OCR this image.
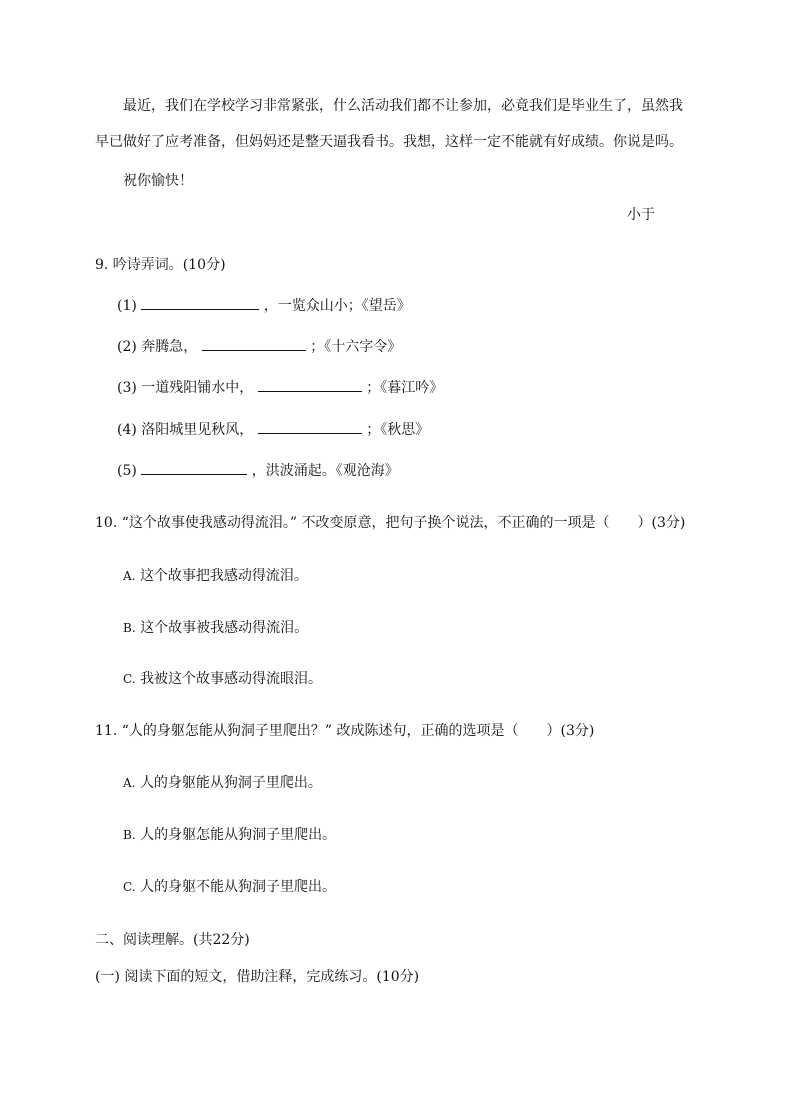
最近，我们在学校学习非常紧张，什么活动我们都不让参加，必竟我们是毕业生了，虽然我早已做好了应考准备，但妈妈还是整天逼我看书。我想，这样一定不能就有好成绩。你说是吗。
祝你愉快！
小于
9. 吟诗弄词。(10分)
(1)	，一览众山小；《望岳》
(2) 奔腾急，	；《十六字令》
(3) 一道残阳铺水中，	；《暮江吟》
(4) 洛阳城里见秋风，	；《秋思》
(5)	，洪波涌起。《观沧海》
10. “这个故事使我感动得流泪。” 不改变原意，把句子换个说法，不正确的一项是（　　）(3分)
A. 这个故事把我感动得流泪。
B. 这个故事被我感动得流泪。
C. 我被这个故事感动得流眼泪。
11. “人的身躯怎能从狗洞子里爬出？” 改成陈述句，正确的选项是（　　）(3分)
A. 人的身躯能从狗洞子里爬出。
B. 人的身躯怎能从狗洞子里爬出。
C. 人的身躯不能从狗洞子里爬出。
二、阅读理解。(共22分)
(一) 阅读下面的短文，借助注释，完成练习。(10分)
